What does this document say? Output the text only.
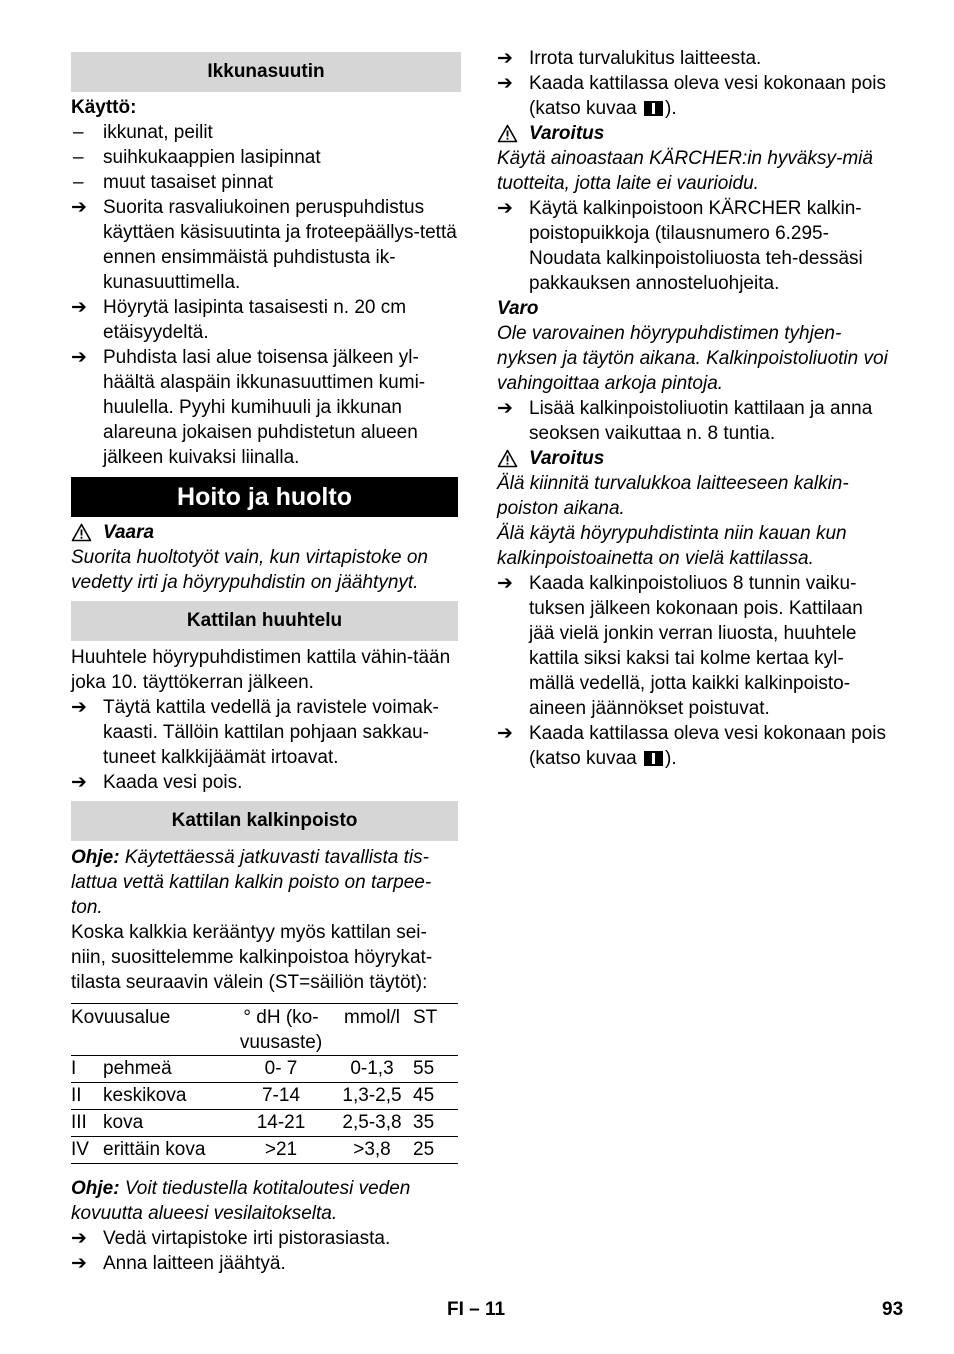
Ikkunasuutin
Käyttö:
–	ikkunat, peilit
–	suihkukaappien lasipinnat
–	muut tasaiset pinnat
➔ Suorita rasvaliukoinen peruspuhdistus käyttäen käsisuutinta ja froteepäällys-tettä ennen ensimmäistä puhdistusta ik-kunasuuttimella.
➔ Höyrytä lasipinta tasaisesti n. 20 cm etäisyydeltä.
➔ Puhdista lasi alue toisensa jälkeen yl-häältä alaspäin ikkunasuuttimen kumi-huulella. Pyyhi kumihuuli ja ikkunan alareuna jokaisen puhdistetun alueen jälkeen kuivaksi liinalla.
Hoito ja huolto
Vaara

Suorita huoltotyöt vain, kun virtapistoke on vedetty irti ja höyrypuhdistin on jäähtynyt.

Kattilan huuhtelu

Huuhtele höyrypuhdistimen kattila vähin-tään joka 10. täyttökerran jälkeen.

➔ Täytä kattila vedellä ja ravistele voimak-kaasti. Tällöin kattilan pohjaan sakkau-tuneet kalkkijäämät irtoavat.
➔ Kaada vesi pois.
Kattilan kalkinpoisto

Ohje: Käytettäessä jatkuvasti tavallista tis-lattua vettä kattilan kalkin poisto on tarpee-ton.

Koska kalkkia kerääntyy myös kattilan sei-niin, suosittelemme kalkinpoistoa höyrykat-tilasta seuraavin välein (ST=säiliön täytöt):

Kovuusalue		° dH (ko-vuusaste)	mmol/l	ST
I	pehmeä	0- 7	0-1,3	55
II	keskikova	7-14	1,3-2,5	45
III	kova	14-21	2,5-3,8	35
IV	erittäin kova	>21	>3,8	25

Ohje: Voit tiedustella kotitaloutesi veden kovuutta alueesi vesilaitokselta.

➔ Vedä virtapistoke irti pistorasiasta.
➔ Anna laitteen jäähtyä.
➔ Irrota turvalukitus laitteesta.
➔ Kaada kattilassa oleva vesi kokonaan pois (katso kuvaa ).
Varoitus

Käytä ainoastaan KÄRCHER:in hyväksy-miä tuotteita, jotta laite ei vaurioidu.

➔ Käytä kalkinpoistoon KÄRCHER kalkin-poistopuikkoja (tilausnumero 6.295-Noudata kalkinpoistoliuosta teh-dessäsi pakkauksen annosteluohjeita.

Varo

Ole varovainen höyrypuhdistimen tyhjen-nyksen ja täytön aikana. Kalkinpoistoliuotin voi vahingoittaa arkoja pintoja.

➔ Lisää kalkinpoistoliuotin kattilaan ja anna seoksen vaikuttaa n. 8 tuntia.
Varoitus

Älä kiinnitä turvalukkoa laitteeseen kalkin-poiston aikana.

Älä käytä höyrypuhdistinta niin kauan kun kalkinpoistoainetta on vielä kattilassa.

➔ Kaada kalkinpoistoliuos 8 tunnin vaiku-tuksen jälkeen kokonaan pois. Kattilaan jää vielä jonkin verran liuosta, huuhtele kattila siksi kaksi tai kolme kertaa kyl-mällä vedellä, jotta kaikki kalkinpoisto-aineen jäännökset poistuvat.
➔ Kaada kattilassa oleva vesi kokonaan pois (katso kuvaa ).
FI – 11	93
